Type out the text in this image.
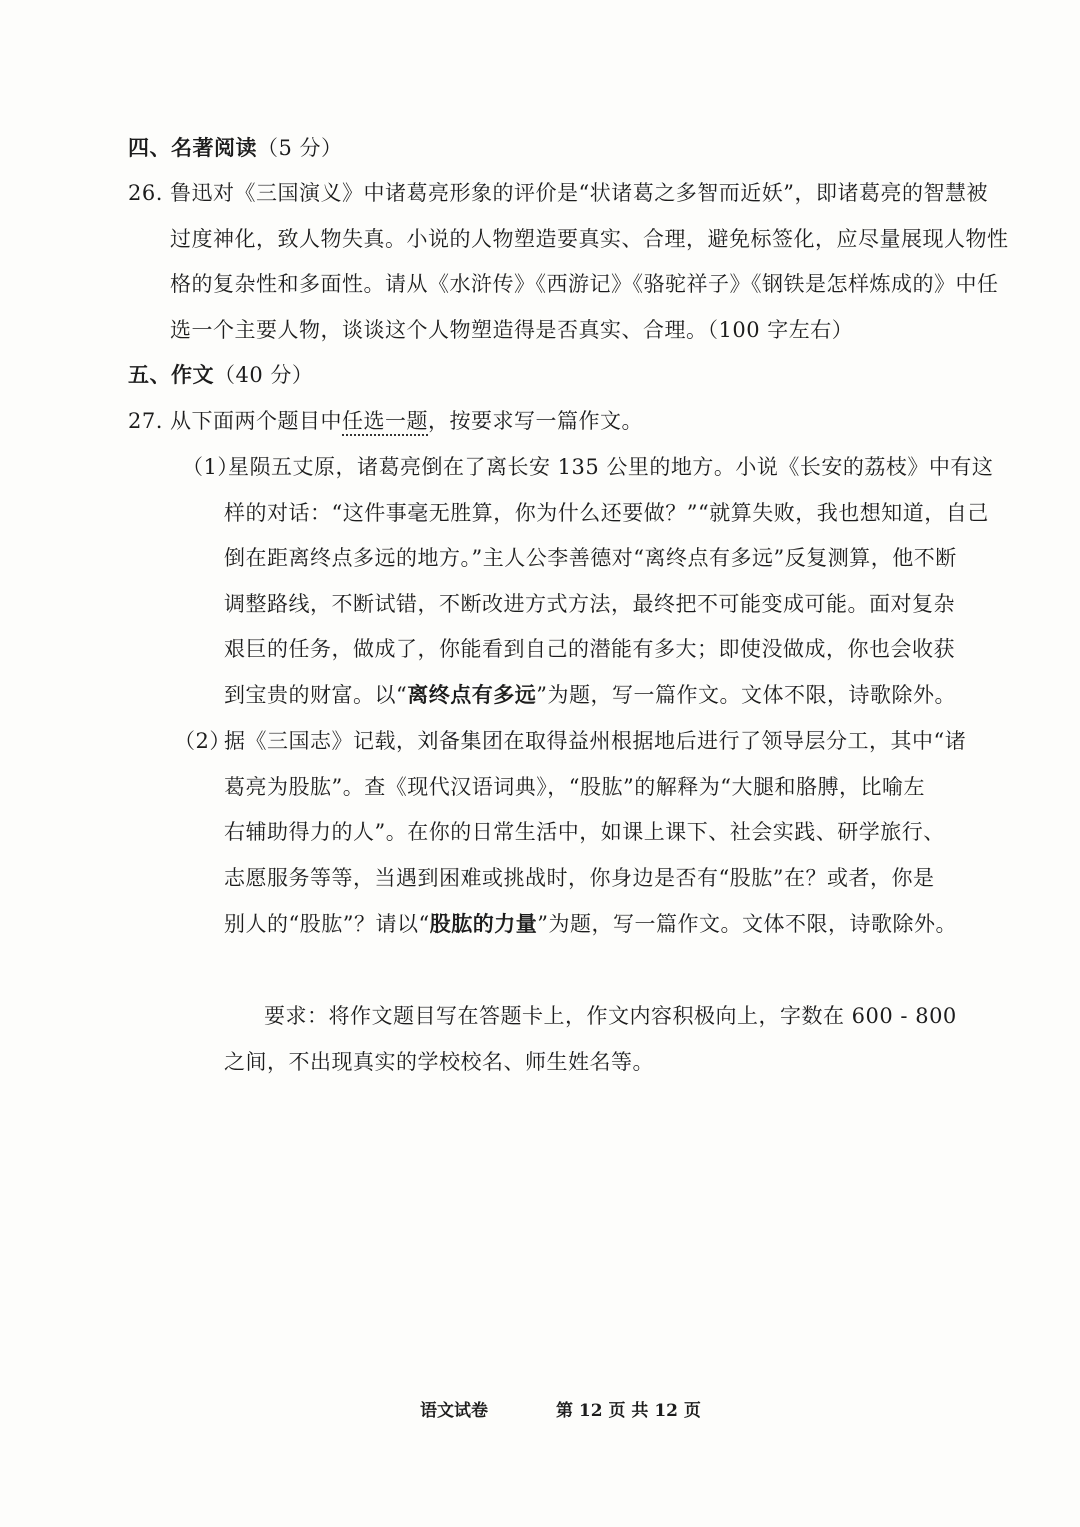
四、名著阅读（5 分）
26. 鲁迅对《三国演义》中诸葛亮形象的评价是“状诸葛之多智而近妖”，即诸葛亮的智慧被
过度神化，致人物失真。小说的人物塑造要真实、合理，避免标签化，应尽量展现人物性
格的复杂性和多面性。请从《水浒传》《西游记》《骆驼祥子》《钢铁是怎样炼成的》中任
选一个主要人物，谈谈这个人物塑造得是否真实、合理。（100 字左右）
五、作文（40 分）
27. 从下面两个题目中任选一题，按要求写一篇作文。
（1）
星陨五丈原，诸葛亮倒在了离长安 135 公里的地方。小说《长安的荔枝》中有这
样的对话：“这件事毫无胜算，你为什么还要做？”“就算失败，我也想知道，自己
倒在距离终点多远的地方。”主人公李善德对“离终点有多远”反复测算，他不断
调整路线，不断试错，不断改进方式方法，最终把不可能变成可能。面对复杂
艰巨的任务，做成了，你能看到自己的潜能有多大；即使没做成，你也会收获
到宝贵的财富。以“离终点有多远”为题，写一篇作文。文体不限，诗歌除外。
（2）
据《三国志》记载，刘备集团在取得益州根据地后进行了领导层分工，其中“诸
葛亮为股肱”。查《现代汉语词典》，“股肱”的解释为“大腿和胳膊，比喻左
右辅助得力的人”。在你的日常生活中，如课上课下、社会实践、研学旅行、
志愿服务等等，当遇到困难或挑战时，你身边是否有“股肱”在？或者，你是
别人的“股肱”？请以“股肱的力量”为题，写一篇作文。文体不限，诗歌除外。
要求：将作文题目写在答题卡上，作文内容积极向上，字数在 600 - 800
之间，不出现真实的学校校名、师生姓名等。
语文试卷	第 12 页 共 12 页
